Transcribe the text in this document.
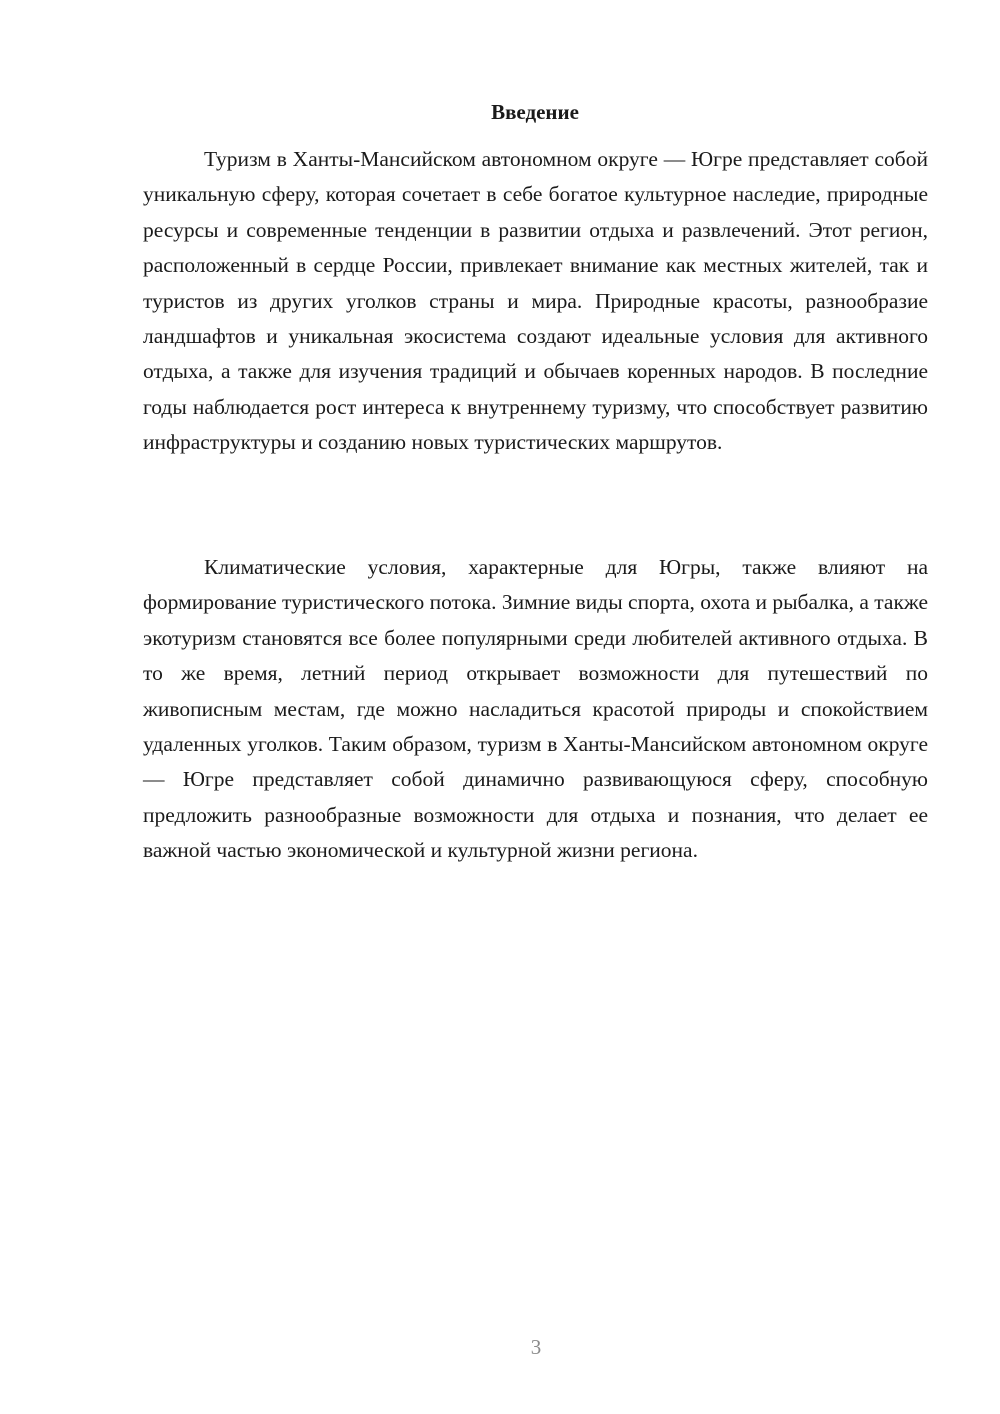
Введение

Туризм в Ханты-Мансийском автономном округе — Югре представляет собой уникальную сферу, которая сочетает в себе богатое культурное наследие, природные ресурсы и современные тенденции в развитии отдыха и развлечений. Этот регион, расположенный в сердце России, привлекает внимание как местных жителей, так и туристов из других уголков страны и мира. Природные красоты, разнообразие ландшафтов и уникальная экосистема создают идеальные условия для активного отдыха, а также для изучения традиций и обычаев коренных народов. В последние годы наблюдается рост интереса к внутреннему туризму, что способствует развитию инфраструктуры и созданию новых туристических маршрутов.

Климатические условия, характерные для Югры, также влияют на формирование туристического потока. Зимние виды спорта, охота и рыбалка, а также экотуризм становятся все более популярными среди любителей активного отдыха. В то же время, летний период открывает возможности для путешествий по живописным местам, где можно насладиться красотой природы и спокойствием удаленных уголков. Таким образом, туризм в Ханты-Мансийском автономном округе — Югре представляет собой динамично развивающуюся сферу, способную предложить разнообразные возможности для отдыха и познания, что делает ее важной частью экономической и культурной жизни региона.

3
